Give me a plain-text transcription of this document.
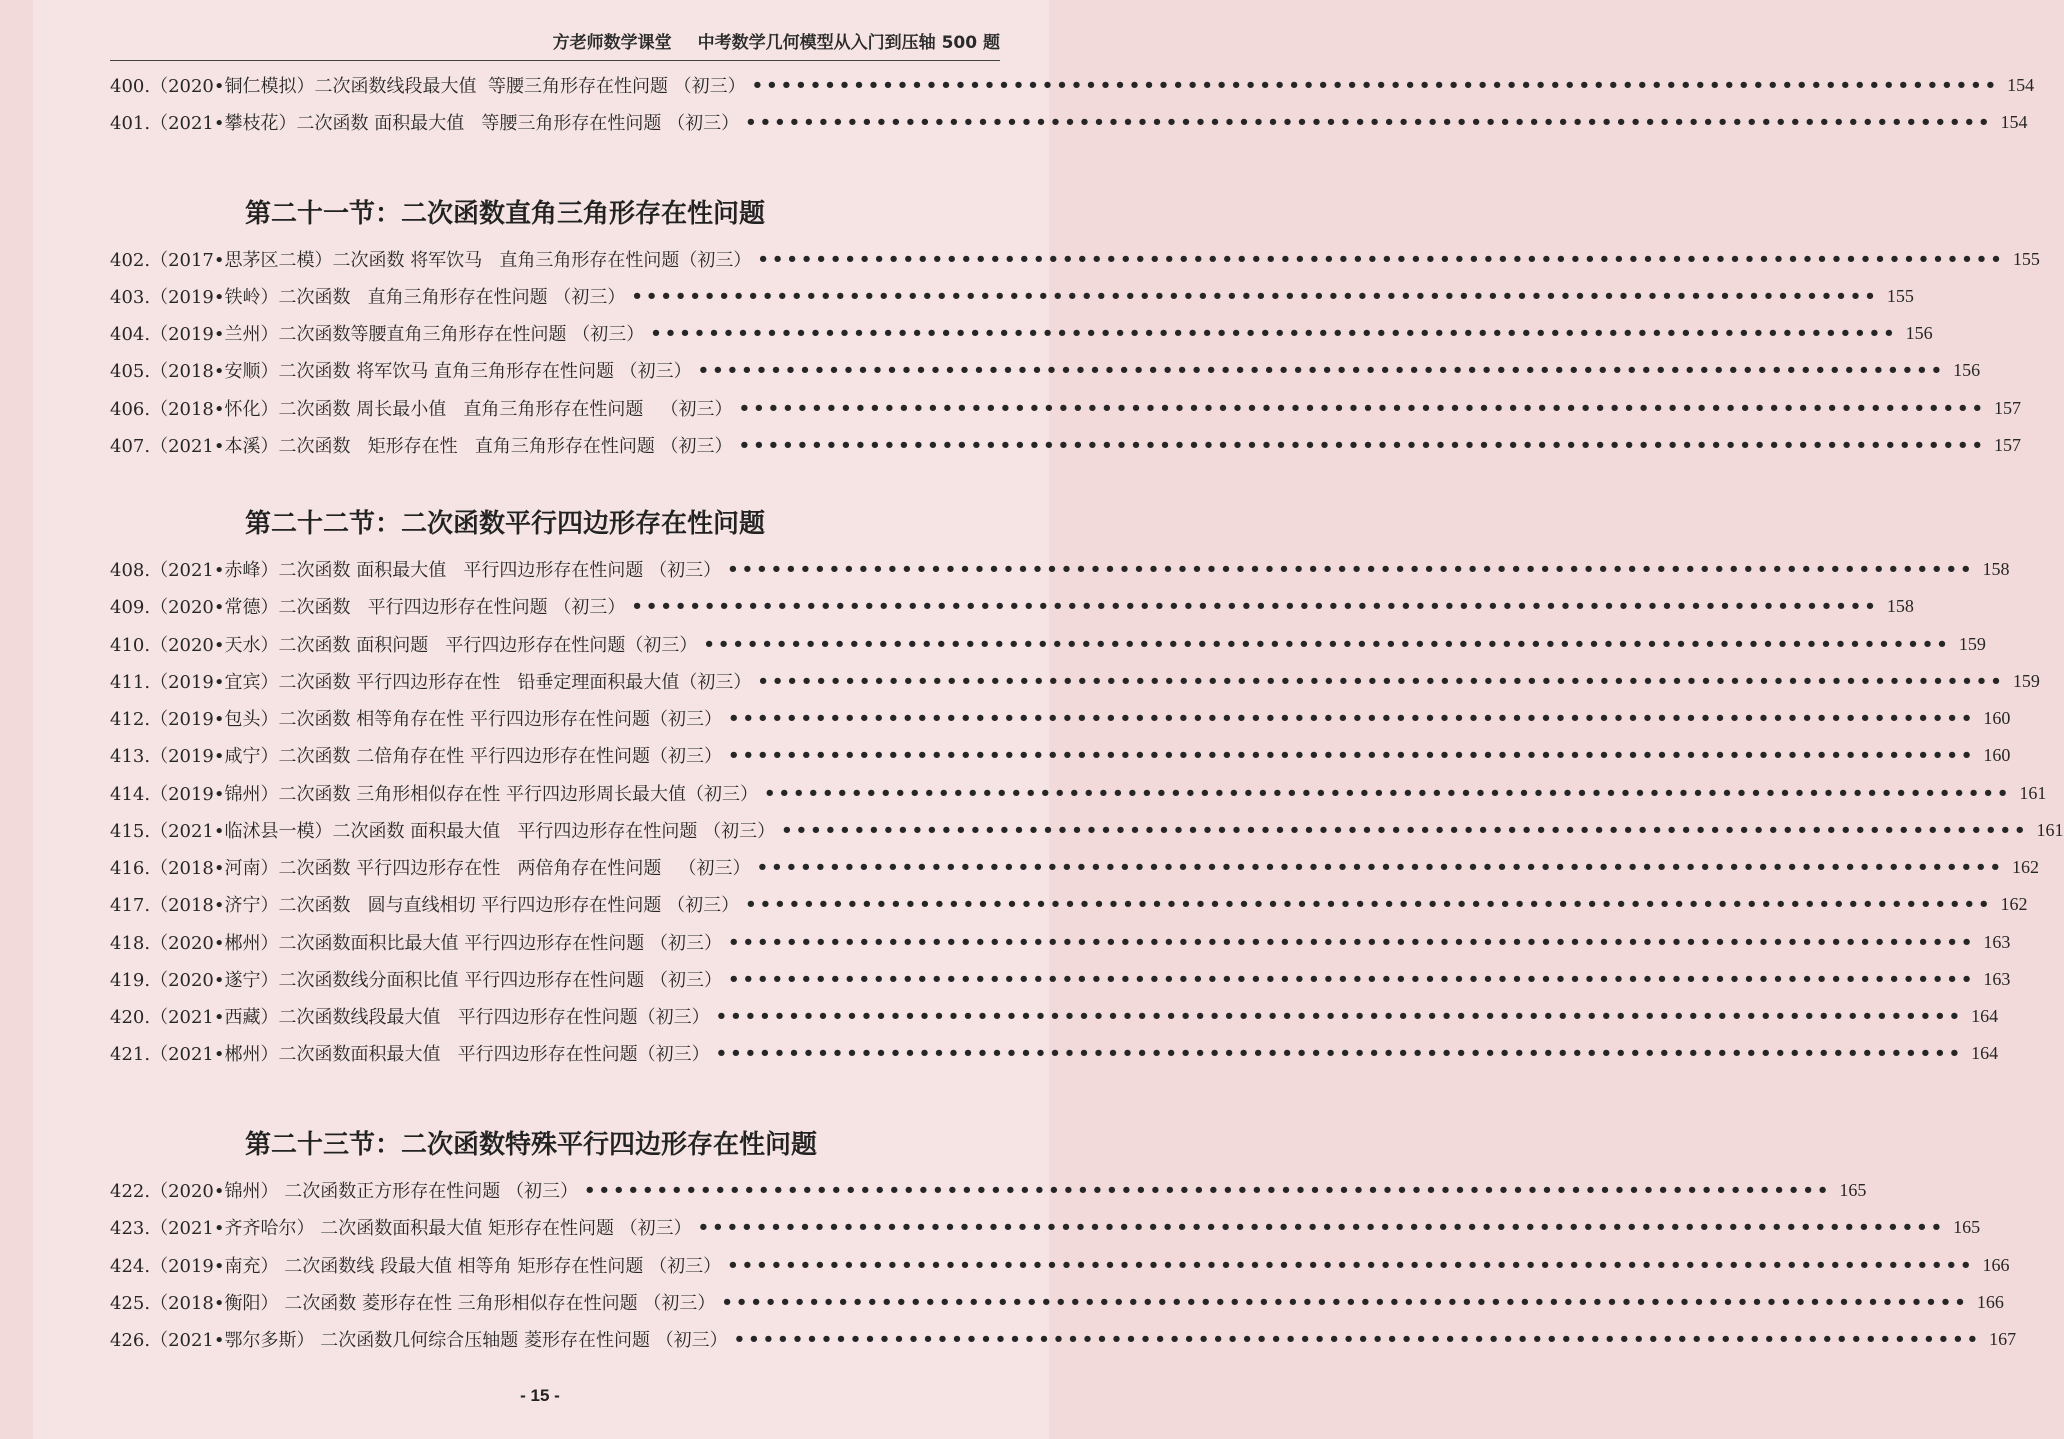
方老师数学课堂 中考数学几何模型从入门到压轴 500 题
400.（2020•铜仁模拟）二次函数线段最大值  等腰三角形存在性问题 （初三） •••••••••••••••••••••••••••••••••••••••••••••••••••••••••••••••••••••••••••••••••••••• 154
401.（2021•攀枝花）二次函数 面积最大值   等腰三角形存在性问题 （初三） •••••••••••••••••••••••••••••••••••••••••••••••••••••••••••••••••••••••••••••••••••••• 154
第二十一节：二次函数直角三角形存在性问题
402.（2017•思茅区二模）二次函数 将军饮马   直角三角形存在性问题（初三） •••••••••••••••••••••••••••••••••••••••••••••••••••••••••••••••••••••••••••••••••••••• 155
403.（2019•铁岭）二次函数   直角三角形存在性问题 （初三） •••••••••••••••••••••••••••••••••••••••••••••••••••••••••••••••••••••••••••••••••••••• 155
404.（2019•兰州）二次函数等腰直角三角形存在性问题 （初三） •••••••••••••••••••••••••••••••••••••••••••••••••••••••••••••••••••••••••••••••••••••• 156
405.（2018•安顺）二次函数 将军饮马 直角三角形存在性问题 （初三） •••••••••••••••••••••••••••••••••••••••••••••••••••••••••••••••••••••••••••••••••••••• 156
406.（2018•怀化）二次函数 周长最小值   直角三角形存在性问题   （初三） •••••••••••••••••••••••••••••••••••••••••••••••••••••••••••••••••••••••••••••••••••••• 157
407.（2021•本溪）二次函数   矩形存在性   直角三角形存在性问题 （初三） •••••••••••••••••••••••••••••••••••••••••••••••••••••••••••••••••••••••••••••••••••••• 157
第二十二节：二次函数平行四边形存在性问题
408.（2021•赤峰）二次函数 面积最大值   平行四边形存在性问题 （初三） •••••••••••••••••••••••••••••••••••••••••••••••••••••••••••••••••••••••••••••••••••••• 158
409.（2020•常德）二次函数   平行四边形存在性问题 （初三） •••••••••••••••••••••••••••••••••••••••••••••••••••••••••••••••••••••••••••••••••••••• 158
410.（2020•天水）二次函数 面积问题   平行四边形存在性问题（初三） •••••••••••••••••••••••••••••••••••••••••••••••••••••••••••••••••••••••••••••••••••••• 159
411.（2019•宜宾）二次函数 平行四边形存在性   铅垂定理面积最大值（初三） •••••••••••••••••••••••••••••••••••••••••••••••••••••••••••••••••••••••••••••••••••••• 159
412.（2019•包头）二次函数 相等角存在性 平行四边形存在性问题（初三） •••••••••••••••••••••••••••••••••••••••••••••••••••••••••••••••••••••••••••••••••••••• 160
413.（2019•咸宁）二次函数 二倍角存在性 平行四边形存在性问题（初三） •••••••••••••••••••••••••••••••••••••••••••••••••••••••••••••••••••••••••••••••••••••• 160
414.（2019•锦州）二次函数 三角形相似存在性 平行四边形周长最大值（初三） •••••••••••••••••••••••••••••••••••••••••••••••••••••••••••••••••••••••••••••••••••••• 161
415.（2021•临沭县一模）二次函数 面积最大值   平行四边形存在性问题 （初三） •••••••••••••••••••••••••••••••••••••••••••••••••••••••••••••••••••••••••••••••••••••• 161
416.（2018•河南）二次函数 平行四边形存在性   两倍角存在性问题   （初三） •••••••••••••••••••••••••••••••••••••••••••••••••••••••••••••••••••••••••••••••••••••• 162
417.（2018•济宁）二次函数   圆与直线相切 平行四边形存在性问题 （初三） •••••••••••••••••••••••••••••••••••••••••••••••••••••••••••••••••••••••••••••••••••••• 162
418.（2020•郴州）二次函数面积比最大值 平行四边形存在性问题 （初三） •••••••••••••••••••••••••••••••••••••••••••••••••••••••••••••••••••••••••••••••••••••• 163
419.（2020•遂宁）二次函数线分面积比值 平行四边形存在性问题 （初三） •••••••••••••••••••••••••••••••••••••••••••••••••••••••••••••••••••••••••••••••••••••• 163
420.（2021•西藏）二次函数线段最大值   平行四边形存在性问题（初三） •••••••••••••••••••••••••••••••••••••••••••••••••••••••••••••••••••••••••••••••••••••• 164
421.（2021•郴州）二次函数面积最大值   平行四边形存在性问题（初三） •••••••••••••••••••••••••••••••••••••••••••••••••••••••••••••••••••••••••••••••••••••• 164
第二十三节：二次函数特殊平行四边形存在性问题
422.（2020•锦州） 二次函数正方形存在性问题 （初三） •••••••••••••••••••••••••••••••••••••••••••••••••••••••••••••••••••••••••••••••••••••• 165
423.（2021•齐齐哈尔） 二次函数面积最大值 矩形存在性问题 （初三） •••••••••••••••••••••••••••••••••••••••••••••••••••••••••••••••••••••••••••••••••••••• 165
424.（2019•南充） 二次函数线 段最大值 相等角 矩形存在性问题 （初三） •••••••••••••••••••••••••••••••••••••••••••••••••••••••••••••••••••••••••••••••••••••• 166
425.（2018•衡阳） 二次函数 菱形存在性 三角形相似存在性问题 （初三） •••••••••••••••••••••••••••••••••••••••••••••••••••••••••••••••••••••••••••••••••••••• 166
426.（2021•鄂尔多斯） 二次函数几何综合压轴题 菱形存在性问题 （初三） •••••••••••••••••••••••••••••••••••••••••••••••••••••••••••••••••••••••••••••••••••••• 167
- 15 -
